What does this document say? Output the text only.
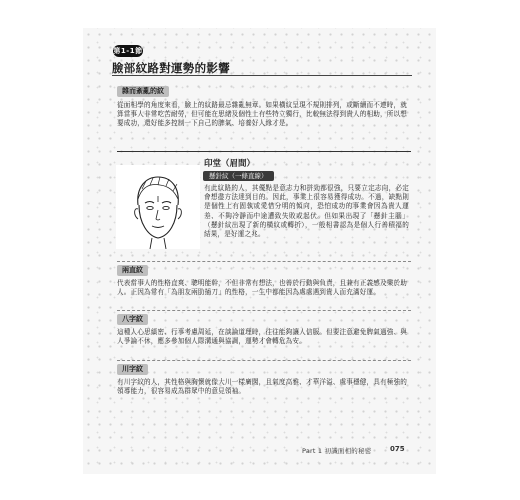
第1-1節
臉部紋路對運勢的影響
雜而紊亂的紋
從面相學的角度來看，臉上的紋路最忌雜亂無章。如果橫紋呈現不規則排列，或斷續而不連時，就算當事人非常吃苦耐勞，但可能在思緒及個性上有些特立獨行，比較無法得到貴人的相助，所以想要成功，還好能多控制一下自己的脾氣、培養好人緣才是。
印堂（眉間）
懸針紋（一條直線）
有此紋路的人，其優點是意志力和拼勁都很強，只要立定志向，必定會想盡方法達到目的。因此，事業上很容易獲得成功。不過，缺點則是個性上有固執或愛惜分明的傾向，恐怕成功的事業會因為貴人運差、不夠冷靜而中途遭致失敗或起伏。但如果出現了「懸針主腦」（懸針紋出現了新的橫紋或轉折），一般相書認為是個人行善積福的結果，是好運之兆。
兩直紋
代表當事人的性格直爽、聰明能幹，不但非常有想法，也善於行動與負責，且兼有正義感及樂於助人。正因為常有「為朋友兩肋插刀」的性格，一生中都能因為處處遇到貴人而充滿好運。
八字紋
這種人心思縝密、行事考慮周延，在談論道理時，往往能夠讓人信服。但要注意避免脾氣過強、與人爭論不休，應多參加個人際溝通與協調，運勢才會轉危為安。
川字紋
有川字紋的人，其性格與胸懷就像大川一樣廣闊，且氣度高雅、才華洋溢、處事穩健，具有極強的領導能力，很容易成為群眾中的意見領袖。
Part 1 初識面相的秘密	075
